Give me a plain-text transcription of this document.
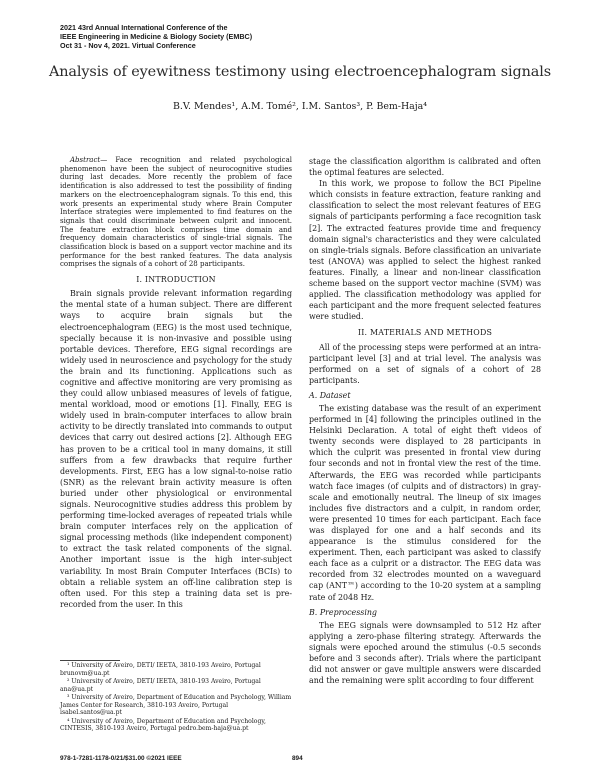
2021 43rd Annual International Conference of the
IEEE Engineering in Medicine & Biology Society (EMBC)
Oct 31 - Nov 4, 2021. Virtual Conference
Analysis of eyewitness testimony using electroencephalogram signals
B.V. Mendes¹, A.M. Tomé², I.M. Santos³, P. Bem-Haja⁴
Abstract— Face recognition and related psychological phenomenon have been the subject of neurocognitive studies during last decades. More recently the problem of face identification is also addressed to test the possibility of finding markers on the electroencephalogram signals. To this end, this work presents an experimental study where Brain Computer Interface strategies were implemented to find features on the signals that could discriminate between culprit and innocent. The feature extraction block comprises time domain and frequency domain characteristics of single-trial signals. The classification block is based on a support vector machine and its performance for the best ranked features. The data analysis comprises the signals of a cohort of 28 participants.
I. INTRODUCTION

Brain signals provide relevant information regarding the mental state of a human subject. There are different ways to acquire brain signals but the electroencephalogram (EEG) is the most used technique, specially because it is non-invasive and possible using portable devices. Therefore, EEG signal recordings are widely used in neuroscience and psychology for the study the brain and its functioning. Applications such as cognitive and affective monitoring are very promising as they could allow unbiased measures of levels of fatigue, mental workload, mood or emotions [1]. Finally, EEG is widely used in brain-computer interfaces to allow brain activity to be directly translated into commands to output devices that carry out desired actions [2]. Although EEG has proven to be a critical tool in many domains, it still suffers from a few drawbacks that require further developments. First, EEG has a low signal-to-noise ratio (SNR) as the relevant brain activity measure is often buried under other physiological or environmental signals. Neurocognitive studies address this problem by performing time-locked averages of repeated trials while brain computer interfaces rely on the application of signal processing methods (like independent component) to extract the task related components of the signal. Another important issue is the high inter-subject variability. In most Brain Computer Interfaces (BCIs) to obtain a reliable system an off-line calibration step is often used. For this step a training data set is pre-recorded from the user. In this

¹ University of Aveiro, DETI/ IEETA, 3810-193 Aveiro, Portugal brunovm@ua.pt
² University of Aveiro, DETI/ IEETA, 3810-193 Aveiro, Portugal ana@ua.pt
³ University of Aveiro, Department of Education and Psychology, William James Center for Research, 3810-193 Aveiro, Portugal isabel.santos@ua.pt
⁴ University of Aveiro, Department of Education and Psychology, CINTESIS, 3810-193 Aveiro, Portugal pedro.bem-haja@ua.pt

stage the classification algorithm is calibrated and often the optimal features are selected.

In this work, we propose to follow the BCI Pipeline which consists in feature extraction, feature ranking and classification to select the most relevant features of EEG signals of participants performing a face recognition task [2]. The extracted features provide time and frequency domain signal's characteristics and they were calculated on single-trials signals. Before classification an univariate test (ANOVA) was applied to select the highest ranked features. Finally, a linear and non-linear classification scheme based on the support vector machine (SVM) was applied. The classification methodology was applied for each participant and the more frequent selected features were studied.

II. MATERIALS AND METHODS

All of the processing steps were performed at an intra-participant level [3] and at trial level. The analysis was performed on a set of signals of a cohort of 28 participants.

A. Dataset

The existing database was the result of an experiment performed in [4] following the principles outlined in the Helsinki Declaration. A total of eight theft videos of twenty seconds were displayed to 28 participants in which the culprit was presented in frontal view during four seconds and not in frontal view the rest of the time. Afterwards, the EEG was recorded while participants watch face images (of culpits and of distractors) in gray-scale and emotionally neutral. The lineup of six images includes five distractors and a culpit, in random order, were presented 10 times for each participant. Each face was displayed for one and a half seconds and its appearance is the stimulus considered for the experiment. Then, each participant was asked to classify each face as a culprit or a distractor. The EEG data was recorded from 32 electrodes mounted on a waveguard cap (ANT™) according to the 10-20 system at a sampling rate of 2048 Hz.

B. Preprocessing

The EEG signals were downsampled to 512 Hz after applying a zero-phase filtering strategy. Afterwards the signals were epoched around the stimulus (-0.5 seconds before and 3 seconds after). Trials where the participant did not answer or gave multiple answers were discarded and the remaining were split according to four different

978-1-7281-1178-0/21/$31.00 ©2021 IEEE	894
